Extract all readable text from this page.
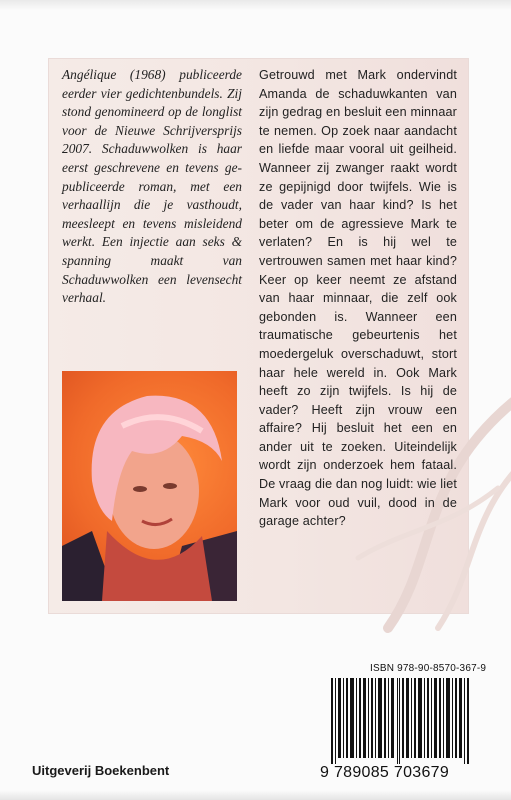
Angélique (1968) publiceerde eerder vier gedichtenbundels. Zij stond genomineerd op de longlist voor de Nieuwe Schrijversprijs 2007. Schaduwwolken is haar eerst geschrevene en tevens gepubliceerde roman, met een verhaallijn die je vasthoudt, meesleept en tevens misleidend werkt. Een injectie aan seks & spanning maakt van Schaduwwolken een levensecht verhaal.

Getrouwd met Mark ondervindt Amanda de schaduwkanten van zijn gedrag en besluit een minnaar te nemen. Op zoek naar aandacht en liefde maar vooral uit geilheid. Wanneer zij zwanger raakt wordt ze gepijnigd door twijfels. Wie is de vader van haar kind? Is het beter om de agressieve Mark te verlaten? En is hij wel te vertrouwen samen met haar kind? Keer op keer neemt ze afstand van haar minnaar, die zelf ook gebonden is. Wanneer een traumatische gebeurtenis het moedergeluk overschaduwt, stort haar hele wereld in. Ook Mark heeft zo zijn twijfels. Is hij de vader? Heeft zijn vrouw een affaire? Hij besluit het een en ander uit te zoeken. Uiteindelijk wordt zijn onderzoek hem fataal. De vraag die dan nog luidt: wie liet Mark voor oud vuil, dood in de garage achter?

ISBN 978-90-8570-367-9
9 789085 703679
Uitgeverij Boekenbent
